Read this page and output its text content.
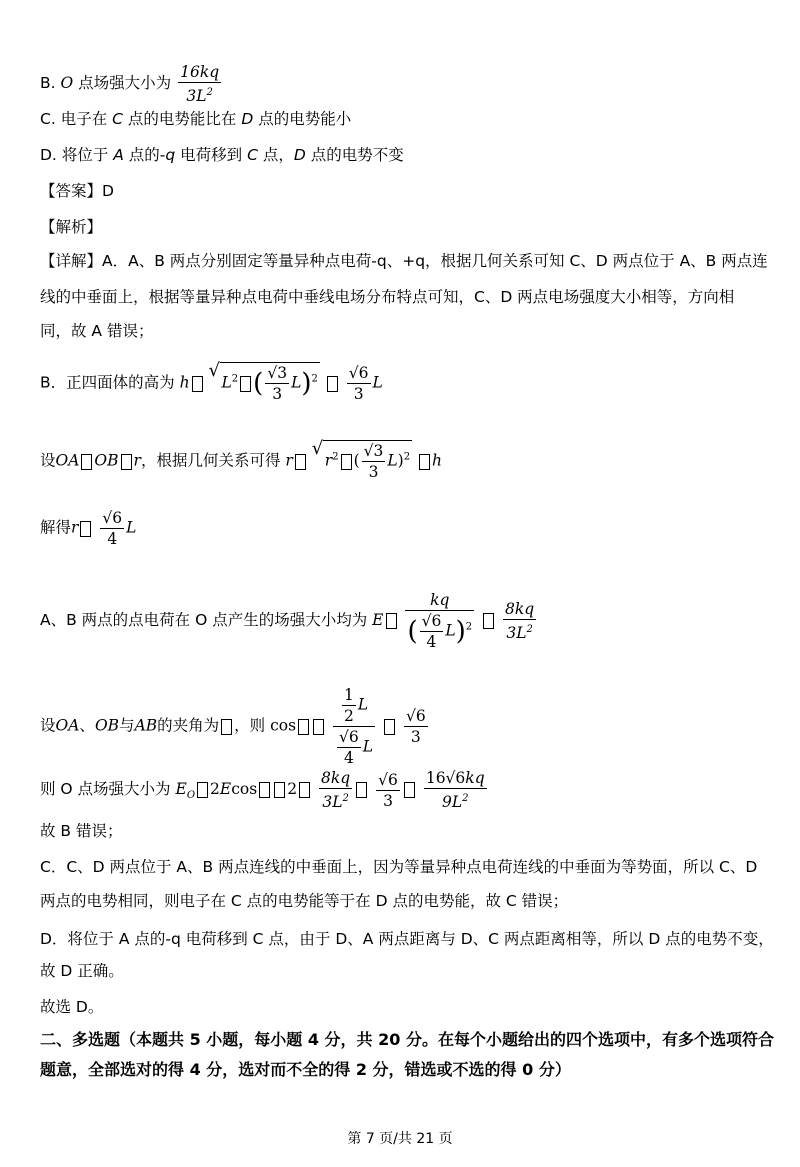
B. O 点场强大小为 $\frac{16kq}{3L^2}$
C. 电子在 C 点的电势能比在 D 点的电势能小
D. 将位于 A 点的-q 电荷移到 C 点，D 点的电势不变
【答案】D
【解析】
【详解】A．A、B 两点分别固定等量异种点电荷-q、+q，根据几何关系可知 C、D 两点位于 A、B 两点连
线的中垂面上，根据等量异种点电荷中垂线电场分布特点可知，C、D 两点电场强度大小相等，方向相
同，故 A 错误；
B．正四面体的高为 h √ $L^2$ ( $\frac{√3}{3} L)^2 \frac{√6}{3}$ L
设OA OB r，根据几何关系可得 r √ $r^2$ ( $\frac{√3}{3} L)^2$ h
解得r $\frac{√6}{4}$ L
A、B 两点的点电荷在 O 点产生的场强大小均为 E $\frac{kq}{( \frac{√6}{4} L)^2}$
$\frac{8kq}{3L^2}$
设OA、OB与AB的夹角为 ，则 $\cos \frac{\frac{1}{2} L}{\frac{√6}{4} L}$
$\frac{√6}{3}$
则 O 点场强大小为 $E_O$ 2Ecos $2 \frac{8kq}{3L^2}$
$\frac{√6}{3}$
$\frac{16√6kq}{9L^2}$
故 B 错误；
C．C、D 两点位于 A、B 两点连线的中垂面上，因为等量异种点电荷连线的中垂面为等势面，所以 C、D
两点的电势相同，则电子在 C 点的电势能等于在 D 点的电势能，故 C 错误；
D．将位于 A 点的-q 电荷移到 C 点，由于 D、A 两点距离与 D、C 两点距离相等，所以 D 点的电势不变，
故 D 正确。
故选 D。
二、多选题（本题共 5 小题，每小题 4 分，共 20 分。在每个小题给出的四个选项中，有多个选项符合题意，全部选对的得 4 分，选对而不全的得 2 分，错选或不选的得 0 分）
第 7 页/共 21 页
